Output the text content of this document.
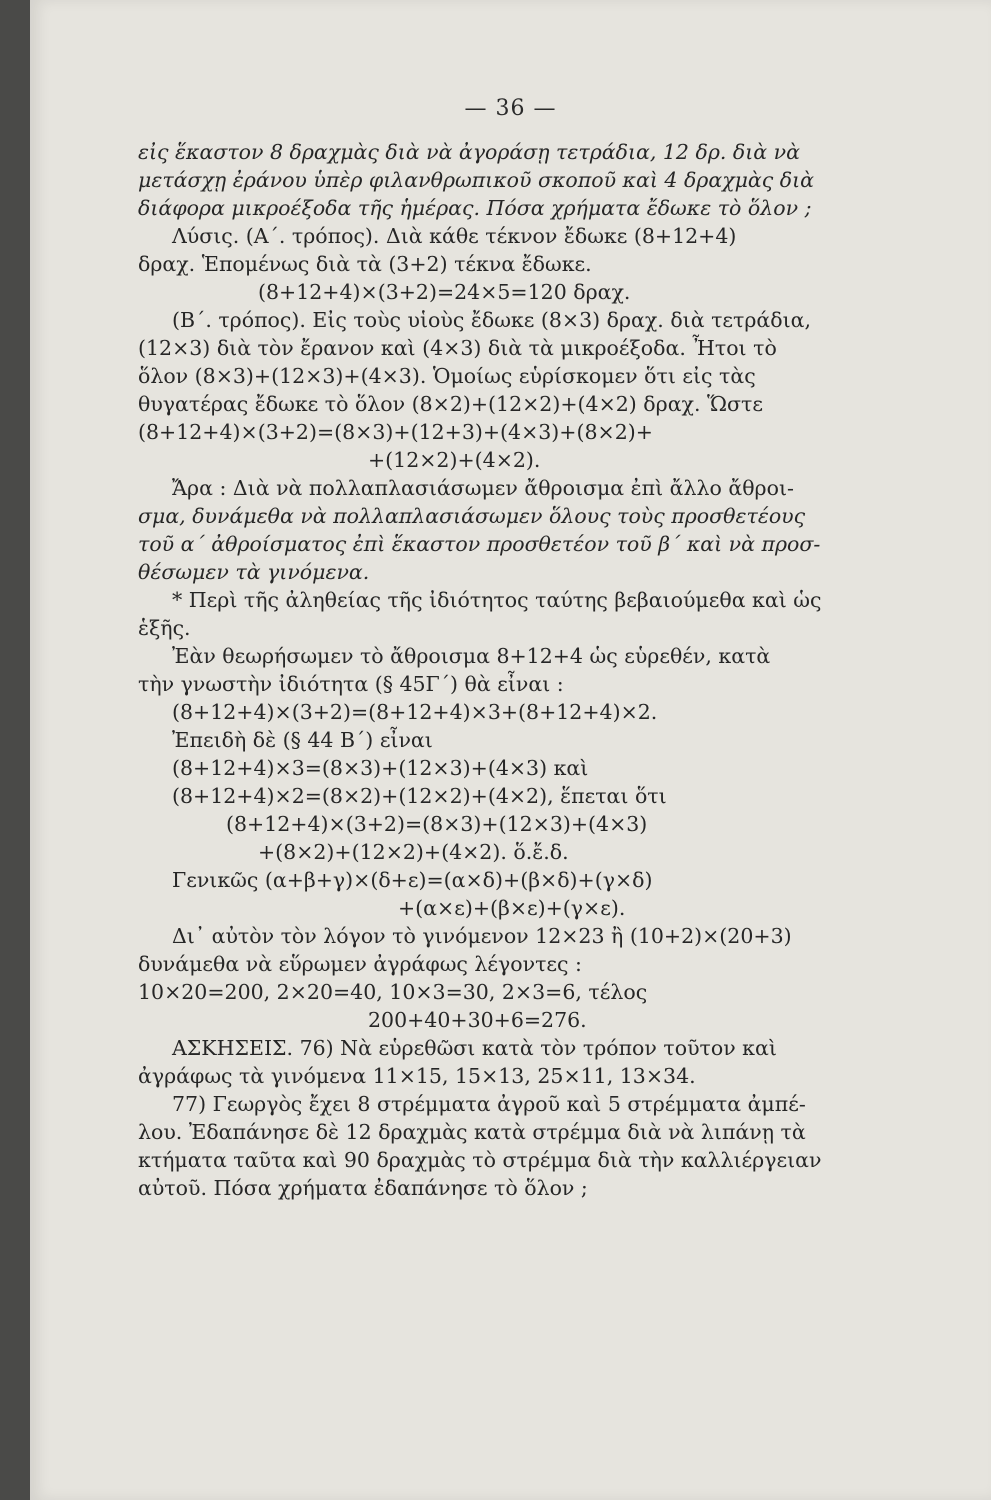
— 36 —
εἰς ἕκαστον 8 δραχμὰς διὰ νὰ ἀγοράσῃ τετράδια, 12 δρ. διὰ νὰ
μετάσχῃ ἐράνου ὑπὲρ φιλανθρωπικοῦ σκοποῦ καὶ 4 δραχμὰς διὰ
διάφορα μικροέξοδα τῆς ἡμέρας. Πόσα χρήματα ἔδωκε τὸ ὅλον ;
Λύσις. (Α΄. τρόπος). Διὰ κάθε τέκνον ἔδωκε (8+12+4)
δραχ. Ἑπομένως διὰ τὰ (3+2) τέκνα ἔδωκε.
(8+12+4)×(3+2)=24×5=120 δραχ.
(Β΄. τρόπος). Εἰς τοὺς υἱοὺς ἔδωκε (8×3) δραχ. διὰ τετράδια,
(12×3) διὰ τὸν ἔρανον καὶ (4×3) διὰ τὰ μικροέξοδα. Ἦτοι τὸ
ὅλον (8×3)+(12×3)+(4×3). Ὁμοίως εὑρίσκομεν ὅτι εἰς τὰς
θυγατέρας ἔδωκε τὸ ὅλον (8×2)+(12×2)+(4×2) δραχ. Ὥστε
(8+12+4)×(3+2)=(8×3)+(12+3)+(4×3)+(8×2)+
+(12×2)+(4×2).
Ἄρα : Διὰ νὰ πολλαπλασιάσωμεν ἄθροισμα ἐπὶ ἄλλο ἄθροι-
σμα, δυνάμεθα νὰ πολλαπλασιάσωμεν ὅλους τοὺς προσθετέους
τοῦ α΄ ἀθροίσματος ἐπὶ ἕκαστον προσθετέον τοῦ β΄ καὶ νὰ προσ-
θέσωμεν τὰ γινόμενα.
* Περὶ τῆς ἀληθείας τῆς ἰδιότητος ταύτης βεβαιούμεθα καὶ ὡς
ἑξῆς.
Ἐὰν θεωρήσωμεν τὸ ἄθροισμα 8+12+4 ὡς εὑρεθέν, κατὰ
τὴν γνωστὴν ἰδιότητα (§ 45Γ΄) θὰ εἶναι :
(8+12+4)×(3+2)=(8+12+4)×3+(8+12+4)×2.
Ἐπειδὴ δὲ (§ 44 Β΄) εἶναι
(8+12+4)×3=(8×3)+(12×3)+(4×3) καὶ
(8+12+4)×2=(8×2)+(12×2)+(4×2), ἕπεται ὅτι
(8+12+4)×(3+2)=(8×3)+(12×3)+(4×3)
+(8×2)+(12×2)+(4×2). ὅ.ἔ.δ.
Γενικῶς (α+β+γ)×(δ+ε)=(α×δ)+(β×δ)+(γ×δ)
+(α×ε)+(β×ε)+(γ×ε).
Δι᾽ αὐτὸν τὸν λόγον τὸ γινόμενον 12×23 ἢ (10+2)×(20+3)
δυνάμεθα νὰ εὕρωμεν ἀγράφως λέγοντες :
10×20=200, 2×20=40, 10×3=30, 2×3=6, τέλος
200+40+30+6=276.
ΑΣΚΗΣΕΙΣ. 76) Νὰ εὑρεθῶσι κατὰ τὸν τρόπον τοῦτον καὶ
ἀγράφως τὰ γινόμενα 11×15, 15×13, 25×11, 13×34.
77) Γεωργὸς ἔχει 8 στρέμματα ἀγροῦ καὶ 5 στρέμματα ἀμπέ-
λου. Ἐδαπάνησε δὲ 12 δραχμὰς κατὰ στρέμμα διὰ νὰ λιπάνῃ τὰ
κτήματα ταῦτα καὶ 90 δραχμὰς τὸ στρέμμα διὰ τὴν καλλιέργειαν
αὐτοῦ. Πόσα χρήματα ἐδαπάνησε τὸ ὅλον ;
